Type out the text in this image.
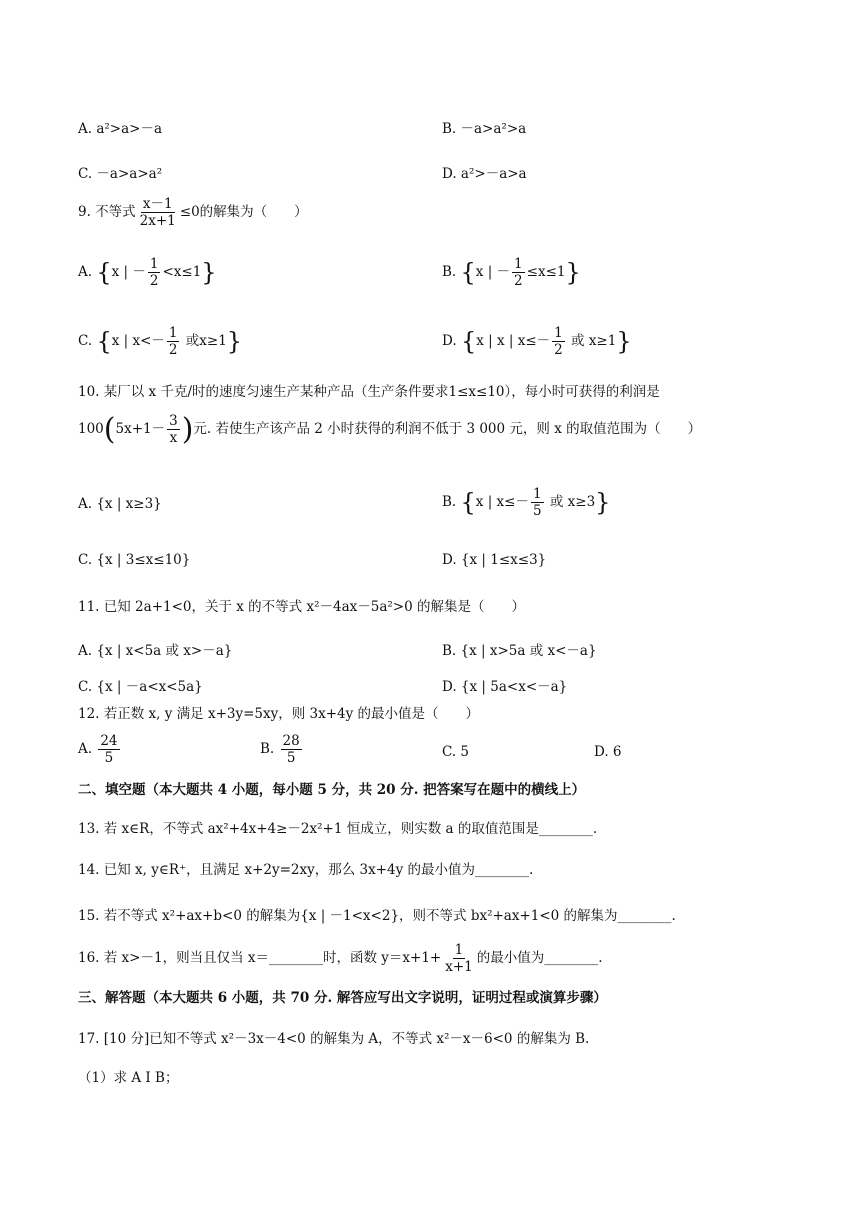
A. a²>a>－a	B. －a>a²>a
C. －a>a>a²	D. a²>－a>a
9. 不等式 $\frac{x-1}{2x+1} \le 0$的解集为（　　）
A. {x | － $\frac{1}{2} <x\le 1$}	B. {x | － $\frac{1}{2} \le x\le 1$}
C. {x | $x<- \frac{1}{2}$ 或x≥1}	D. {x | x | $x\le- \frac{1}{2}$ 或 x≥1}
10. 某厂以 x 千克/时的速度匀速生产某种产品（生产条件要求1≤x≤10），每小时可获得的利润是
$100(5x+1- \frac{3}{x}$ )元. 若使生产该产品 2 小时获得的利润不低于 3 000 元，则 x 的取值范围为（　　）
A. {x | x≥3}	B. {x | $x\le- \frac{1}{5}$ 或 x≥3}
C. {x | 3≤x≤10}	D. {x | 1≤x≤3}
11. 已知 2a+1<0，关于 x 的不等式 x²－4ax－5a²>0 的解集是（　　）
A. {x | x<5a 或 x>－a}	B. {x | x>5a 或 x<－a}
C. {x | －a<x<5a}	D. {x | 5a<x<－a}
12. 若正数 x, y 满足 x+3y=5xy，则 3x+4y 的最小值是（　　）
A. $\frac{24}{5}$	B. $\frac{28}{5}$	C. 5	D. 6
二、填空题（本大题共 4 小题，每小题 5 分，共 20 分. 把答案写在题中的横线上）
13. 若 x∈R，不等式 ax²+4x+4≥－2x²+1 恒成立，则实数 a 的取值范围是________.
14. 已知 x, y∈R⁺，且满足 x+2y=2xy，那么 3x+4y 的最小值为________.
15. 若不等式 x²+ax+b<0 的解集为{x | －1<x<2}，则不等式 bx²+ax+1<0 的解集为________.
16. 若 x>－1，则当且仅当 x＝________时，函数 $y=x+1+ \frac{1}{x+1}$ 的最小值为________.
三、解答题（本大题共 6 小题，共 70 分. 解答应写出文字说明，证明过程或演算步骤）
17. [10 分]已知不等式 x²－3x－4<0 的解集为 A，不等式 x²－x－6<0 的解集为 B.
（1）求 A I B；
